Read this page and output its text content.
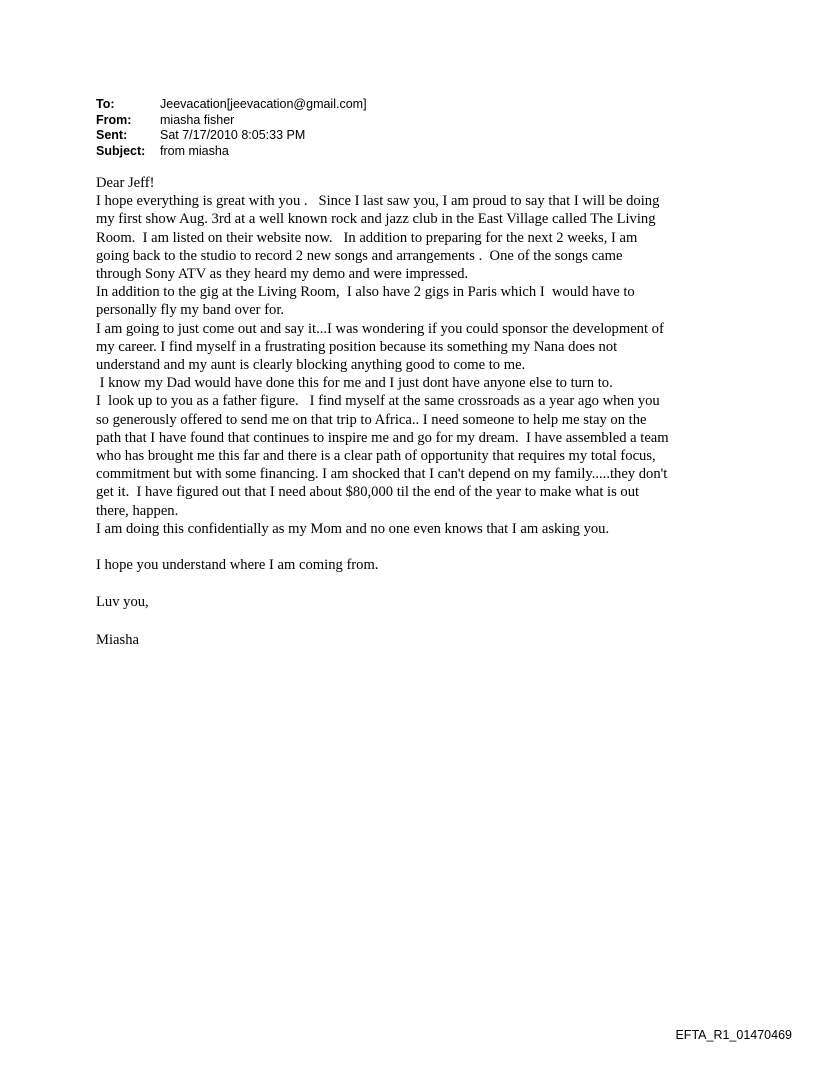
To:	Jeevacation[jeevacation@gmail.com]
From:	miasha fisher
Sent:	Sat 7/17/2010 8:05:33 PM
Subject:	from miasha
Dear Jeff!
I hope everything is great with you .   Since I last saw you, I am proud to say that I will be doing
my first show Aug. 3rd at a well known rock and jazz club in the East Village called The Living
Room.  I am listed on their website now.   In addition to preparing for the next 2 weeks, I am
going back to the studio to record 2 new songs and arrangements .  One of the songs came
through Sony ATV as they heard my demo and were impressed.
In addition to the gig at the Living Room,  I also have 2 gigs in Paris which I  would have to
personally fly my band over for.
I am going to just come out and say it...I was wondering if you could sponsor the development of
my career. I find myself in a frustrating position because its something my Nana does not
understand and my aunt is clearly blocking anything good to come to me.
I know my Dad would have done this for me and I just dont have anyone else to turn to.
I  look up to you as a father figure.   I find myself at the same crossroads as a year ago when you
so generously offered to send me on that trip to Africa.. I need someone to help me stay on the
path that I have found that continues to inspire me and go for my dream.  I have assembled a team
who has brought me this far and there is a clear path of opportunity that requires my total focus,
commitment but with some financing. I am shocked that I can't depend on my family.....they don't
get it.  I have figured out that I need about $80,000 til the end of the year to make what is out
there, happen.
I am doing this confidentially as my Mom and no one even knows that I am asking you.
I hope you understand where I am coming from.
Luv you,
Miasha
EFTA_R1_01470469
